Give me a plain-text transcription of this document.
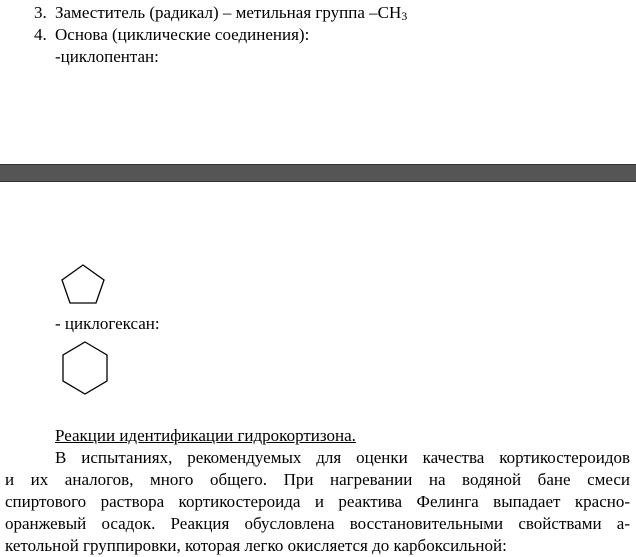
3. Заместитель (радикал) – метильная группа $-СН_3$
4. Основа (циклические соединения):
-циклопентан:
- циклогексан:
Реакции идентификации гидрокортизона.
В испытаниях, рекомендуемых для оценки качества кортикостероидов
и их аналогов, много общего. При нагревании на водяной бане смеси
спиртового раствора кортикостероида и реактива Фелинга выпадает красно-
оранжевый осадок. Реакция обусловлена восстановительными свойствами а-
кетольной группировки, которая легко окисляется до карбоксильной:
